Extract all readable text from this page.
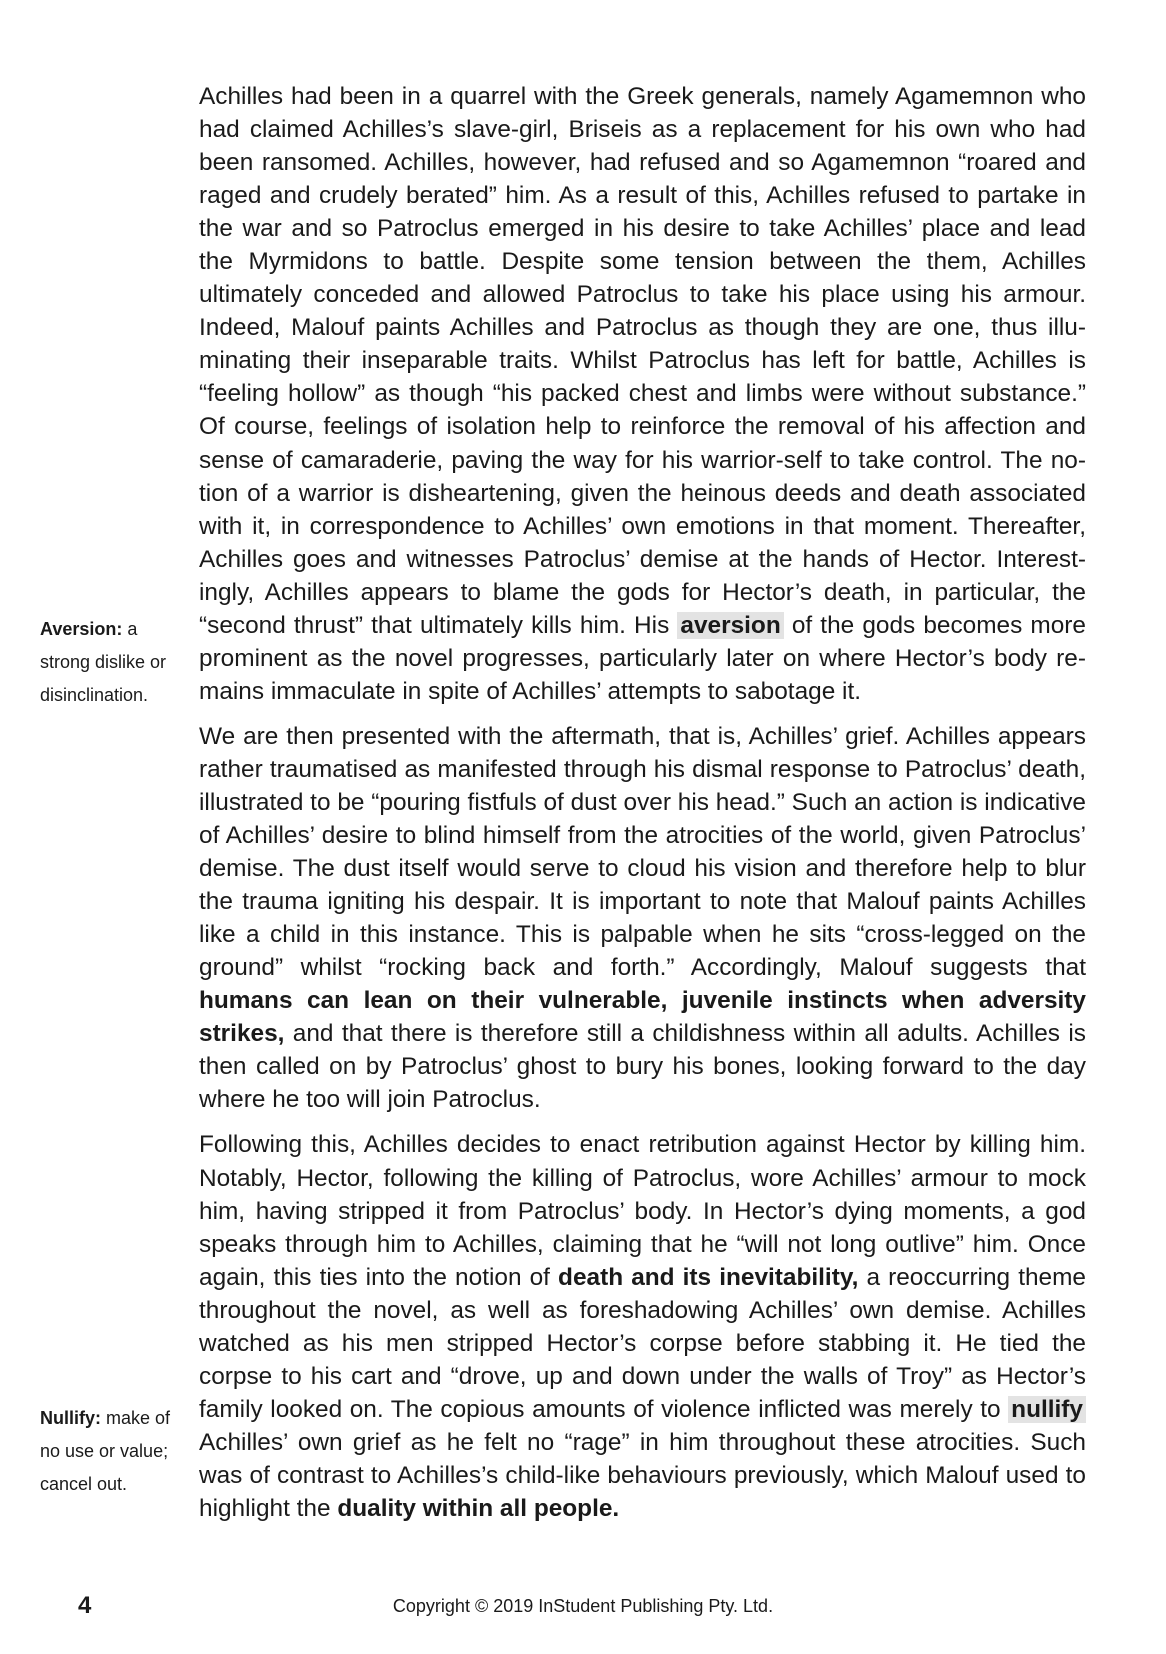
Aversion: a strong dislike or disinclination.
Nullify: make of no use or value; cancel out.

Achilles had been in a quarrel with the Greek generals, namely Agamemnon who had claimed Achilles’s slave-girl, Briseis as a replacement for his own who had been ransomed. Achilles, however, had refused and so Agamemnon “roared and raged and crudely berated” him. As a result of this, Achilles refused to partake in the war and so Patroclus emerged in his desire to take Achilles’ place and lead the Myrmidons to battle. Despite some tension between the them, Achilles ultimately conceded and allowed Patroclus to take his place using his armour. Indeed, Malouf paints Achilles and Patroclus as though they are one, thus illuminating their inseparable traits. Whilst Patroclus has left for battle, Achilles is “feeling hollow” as though “his packed chest and limbs were without substance.” Of course, feelings of isolation help to reinforce the removal of his affection and sense of camaraderie, paving the way for his warrior-self to take control. The notion of a warrior is disheartening, given the heinous deeds and death associated with it, in correspondence to Achilles’ own emotions in that moment. Thereafter, Achilles goes and witnesses Patroclus’ demise at the hands of Hector. Interestingly, Achilles appears to blame the gods for Hector’s death, in particular, the “second thrust” that ultimately kills him. His aversion of the gods becomes more prominent as the novel progresses, particularly later on where Hector’s body remains immaculate in spite of Achilles’ attempts to sabotage it.

We are then presented with the aftermath, that is, Achilles’ grief. Achilles appears rather traumatised as manifested through his dismal response to Patroclus’ death, illustrated to be “pouring fistfuls of dust over his head.” Such an action is indicative of Achilles’ desire to blind himself from the atrocities of the world, given Patroclus’ demise. The dust itself would serve to cloud his vision and therefore help to blur the trauma igniting his despair. It is important to note that Malouf paints Achilles like a child in this instance. This is palpable when he sits “cross-legged on the ground” whilst “rocking back and forth.” Accordingly, Malouf suggests that humans can lean on their vulnerable, juvenile instincts when adversity strikes, and that there is therefore still a childishness within all adults. Achilles is then called on by Patroclus’ ghost to bury his bones, looking forward to the day where he too will join Patroclus.

Following this, Achilles decides to enact retribution against Hector by killing him. Notably, Hector, following the killing of Patroclus, wore Achilles’ armour to mock him, having stripped it from Patroclus’ body. In Hector’s dying moments, a god speaks through him to Achilles, claiming that he “will not long outlive” him. Once again, this ties into the notion of death and its inevitability, a reoccurring theme throughout the novel, as well as foreshadowing Achilles’ own demise. Achilles watched as his men stripped Hector’s corpse before stabbing it. He tied the corpse to his cart and “drove, up and down under the walls of Troy” as Hector’s family looked on. The copious amounts of violence inflicted was merely to nullify Achilles’ own grief as he felt no “rage” in him throughout these atrocities. Such was of contrast to Achilles’s child-like behaviours previously, which Malouf used to highlight the duality within all people.

4	Copyright © 2019 InStudent Publishing Pty. Ltd.
